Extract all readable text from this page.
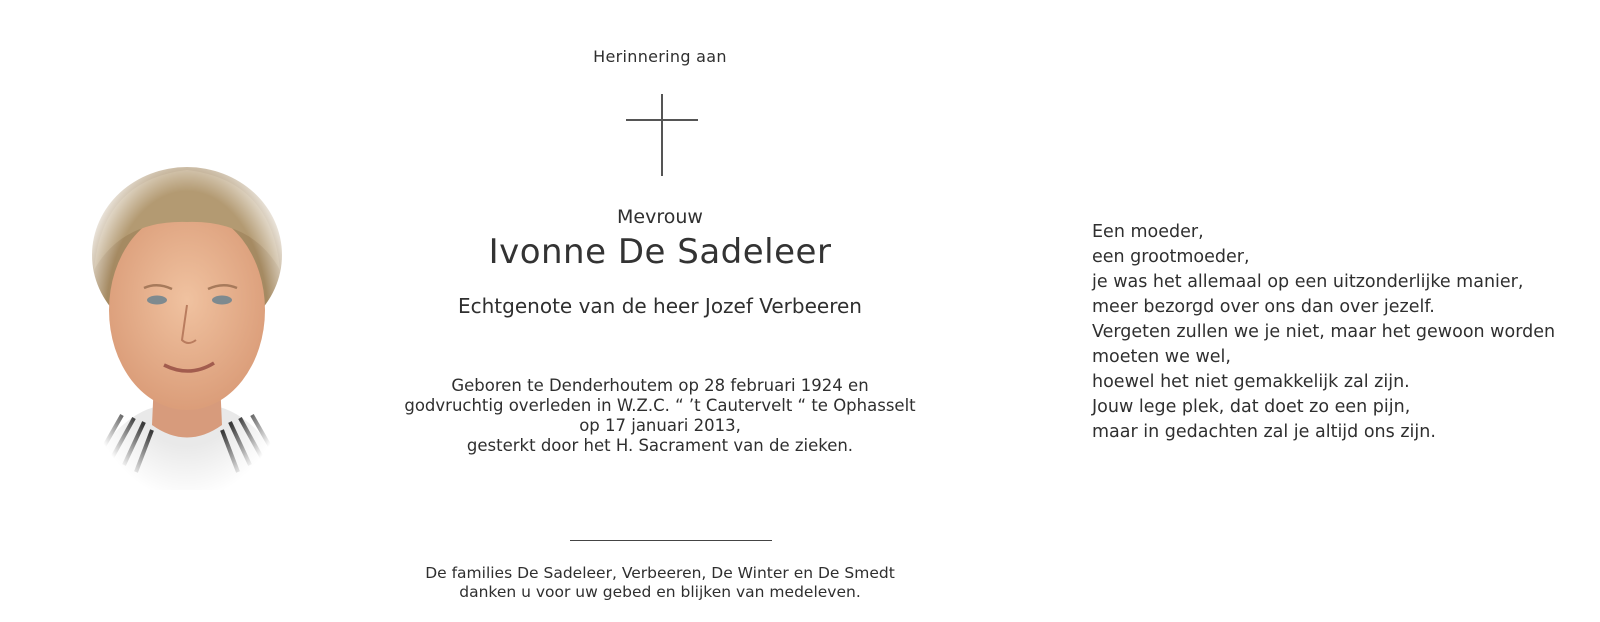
Herinnering aan
Mevrouw
Ivonne De Sadeleer
Echtgenote van de heer Jozef Verbeeren
Geboren te Denderhoutem op 28 februari 1924 en
godvruchtig overleden in W.Z.C. “ ’t Cautervelt “ te Ophasselt
op 17 januari 2013,
gesterkt door het H. Sacrament van de zieken.
De families De Sadeleer, Verbeeren, De Winter en De Smedt
danken u voor uw gebed en blijken van medeleven.
Een moeder,
een grootmoeder,
je was het allemaal op een uitzonderlijke manier,
meer bezorgd over ons dan over jezelf.
Vergeten zullen we je niet, maar het gewoon worden
moeten we wel,
hoewel het niet gemakkelijk zal zijn.
Jouw lege plek, dat doet zo een pijn,
maar in gedachten zal je altijd ons zijn.
